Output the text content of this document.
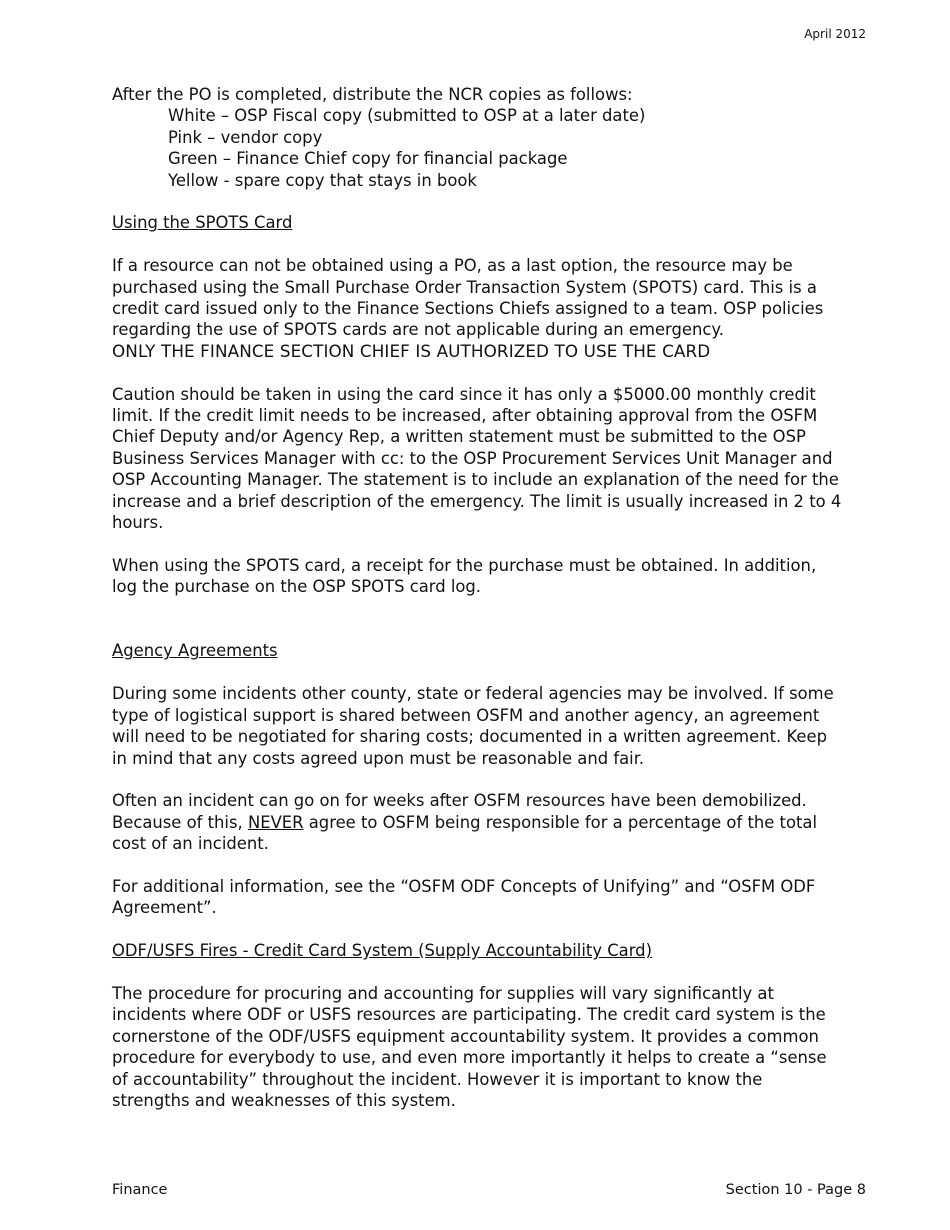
April 2012

After the PO is completed, distribute the NCR copies as follows:

White – OSP Fiscal copy (submitted to OSP at a later date)

Pink – vendor copy

Green – Finance Chief copy for financial package

Yellow - spare copy that stays in book

Using the SPOTS Card

If a resource can not be obtained using a PO, as a last option, the resource may be purchased using the Small Purchase Order Transaction System (SPOTS) card. This is a credit card issued only to the Finance Sections Chiefs assigned to a team. OSP policies regarding the use of SPOTS cards are not applicable during an emergency.

ONLY THE FINANCE SECTION CHIEF IS AUTHORIZED TO USE THE CARD

Caution should be taken in using the card since it has only a $5000.00 monthly credit limit. If the credit limit needs to be increased, after obtaining approval from the OSFM Chief Deputy and/or Agency Rep, a written statement must be submitted to the OSP Business Services Manager with cc: to the OSP Procurement Services Unit Manager and OSP Accounting Manager. The statement is to include an explanation of the need for the increase and a brief description of the emergency. The limit is usually increased in 2 to 4 hours.

When using the SPOTS card, a receipt for the purchase must be obtained. In addition, log the purchase on the OSP SPOTS card log.

Agency Agreements

During some incidents other county, state or federal agencies may be involved. If some type of logistical support is shared between OSFM and another agency, an agreement will need to be negotiated for sharing costs; documented in a written agreement. Keep in mind that any costs agreed upon must be reasonable and fair.

Often an incident can go on for weeks after OSFM resources have been demobilized. Because of this, NEVER agree to OSFM being responsible for a percentage of the total cost of an incident.

For additional information, see the “OSFM ODF Concepts of Unifying” and “OSFM ODF Agreement”.

ODF/USFS Fires - Credit Card System (Supply Accountability Card)

The procedure for procuring and accounting for supplies will vary significantly at incidents where ODF or USFS resources are participating. The credit card system is the cornerstone of the ODF/USFS equipment accountability system. It provides a common procedure for everybody to use, and even more importantly it helps to create a “sense of accountability” throughout the incident. However it is important to know the strengths and weaknesses of this system.

Finance	Section 10 - Page 8
